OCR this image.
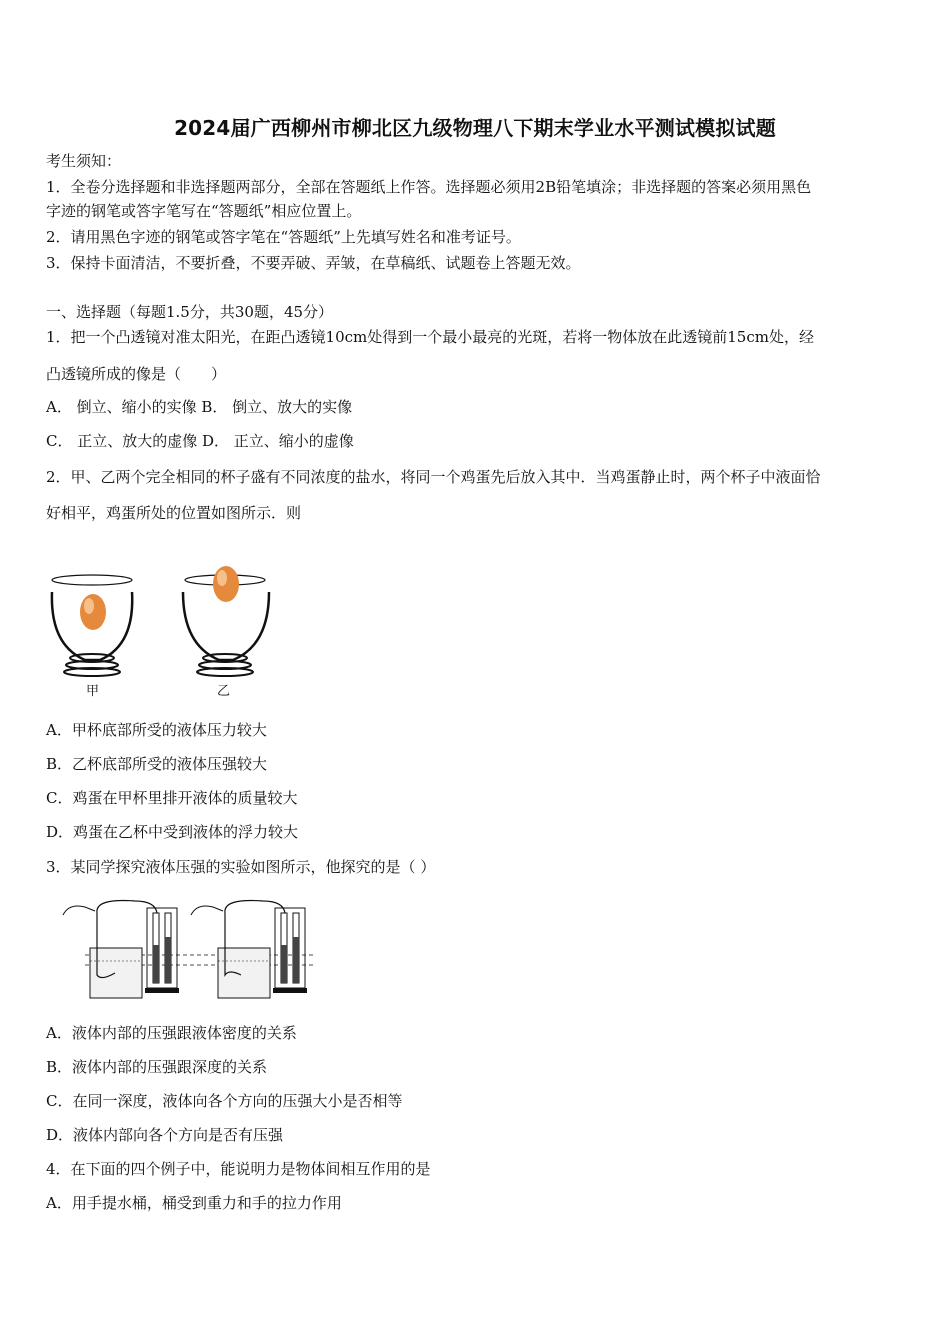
2024届广西柳州市柳北区九级物理八下期末学业水平测试模拟试题
考生须知：
1．全卷分选择题和非选择题两部分，全部在答题纸上作答。选择题必须用2B铅笔填涂；非选择题的答案必须用黑色
字迹的钢笔或答字笔写在“答题纸”相应位置上。
2．请用黑色字迹的钢笔或答字笔在“答题纸”上先填写姓名和准考证号。
3．保持卡面清洁，不要折叠，不要弄破、弄皱，在草稿纸、试题卷上答题无效。
一、选择题（每题1.5分，共30题，45分）
1．把一个凸透镜对准太阳光，在距凸透镜10cm处得到一个最小最亮的光斑，若将一物体放在此透镜前15cm处，经
凸透镜所成的像是（　　）
A． 倒立、缩小的实像 B． 倒立、放大的实像
C． 正立、放大的虚像 D． 正立、缩小的虚像
2．甲、乙两个完全相同的杯子盛有不同浓度的盐水，将同一个鸡蛋先后放入其中．当鸡蛋静止时，两个杯子中液面恰
好相平，鸡蛋所处的位置如图所示．则
甲	乙
A．甲杯底部所受的液体压力较大
B．乙杯底部所受的液体压强较大
C．鸡蛋在甲杯里排开液体的质量较大
D．鸡蛋在乙杯中受到液体的浮力较大
3．某同学探究液体压强的实验如图所示，他探究的是（ ）
A．液体内部的压强跟液体密度的关系
B．液体内部的压强跟深度的关系
C．在同一深度，液体向各个方向的压强大小是否相等
D．液体内部向各个方向是否有压强
4．在下面的四个例子中，能说明力是物体间相互作用的是
A．用手提水桶，桶受到重力和手的拉力作用
